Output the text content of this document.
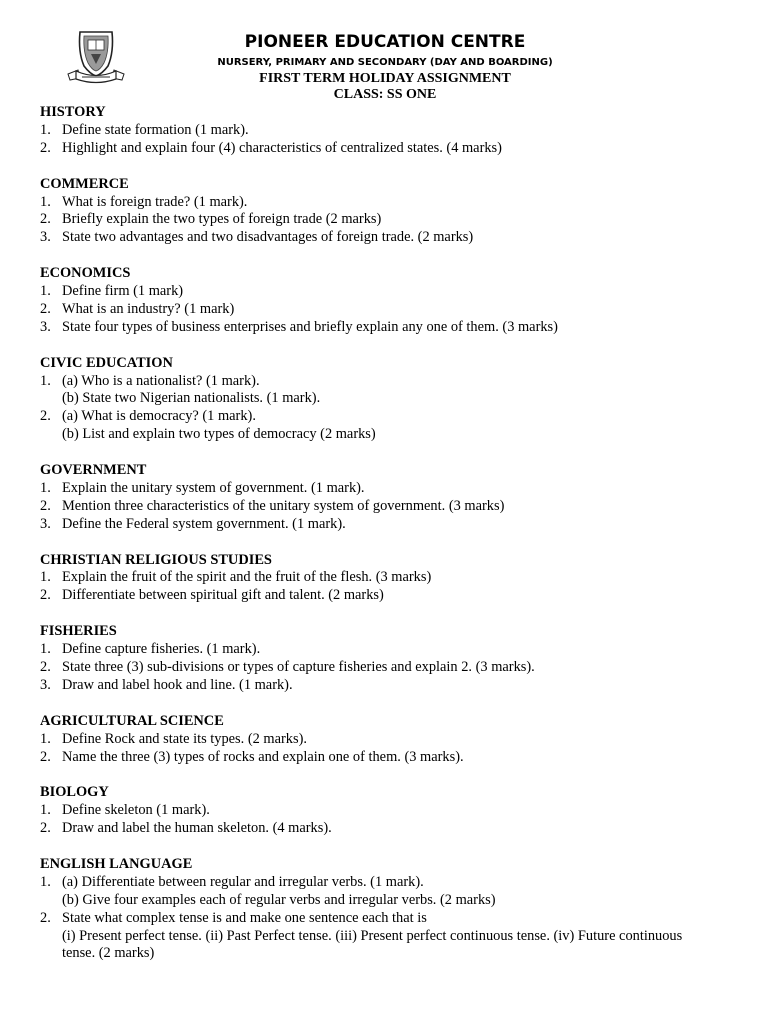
PIONEER EDUCATION CENTRE
NURSERY, PRIMARY AND SECONDARY (DAY AND BOARDING)
FIRST TERM HOLIDAY ASSIGNMENT
CLASS: SS ONE
HISTORY
1. Define state formation (1 mark).
2. Highlight and explain four (4) characteristics of centralized states. (4 marks)
COMMERCE
1. What is foreign trade? (1 mark).
2. Briefly explain the two types of foreign trade (2 marks)
3. State two advantages and two disadvantages of foreign trade. (2 marks)
ECONOMICS
1. Define firm (1 mark)
2. What is an industry? (1 mark)
3. State four types of business enterprises and briefly explain any one of them. (3 marks)
CIVIC EDUCATION
1. (a) Who is a nationalist? (1 mark).
(b) State two Nigerian nationalists. (1 mark).
2. (a) What is democracy? (1 mark).
(b) List and explain two types of democracy (2 marks)
GOVERNMENT
1. Explain the unitary system of government. (1 mark).
2. Mention three characteristics of the unitary system of government. (3 marks)
3. Define the Federal system government. (1 mark).
CHRISTIAN RELIGIOUS STUDIES
1. Explain the fruit of the spirit and the fruit of the flesh. (3 marks)
2. Differentiate between spiritual gift and talent. (2 marks)
FISHERIES
1. Define capture fisheries. (1 mark).
2. State three (3) sub-divisions or types of capture fisheries and explain 2. (3 marks).
3. Draw and label hook and line. (1 mark).
AGRICULTURAL SCIENCE
1. Define Rock and state its types. (2 marks).
2. Name the three (3) types of rocks and explain one of them. (3 marks).
BIOLOGY
1. Define skeleton (1 mark).
2. Draw and label the human skeleton. (4 marks).
ENGLISH LANGUAGE
1. (a) Differentiate between regular and irregular verbs. (1 mark).
(b) Give four examples each of regular verbs and irregular verbs. (2 marks)
2. State what complex tense is and make one sentence each that is
(i) Present perfect tense. (ii) Past Perfect tense. (iii) Present perfect continuous tense. (iv) Future continuous
tense. (2 marks)
